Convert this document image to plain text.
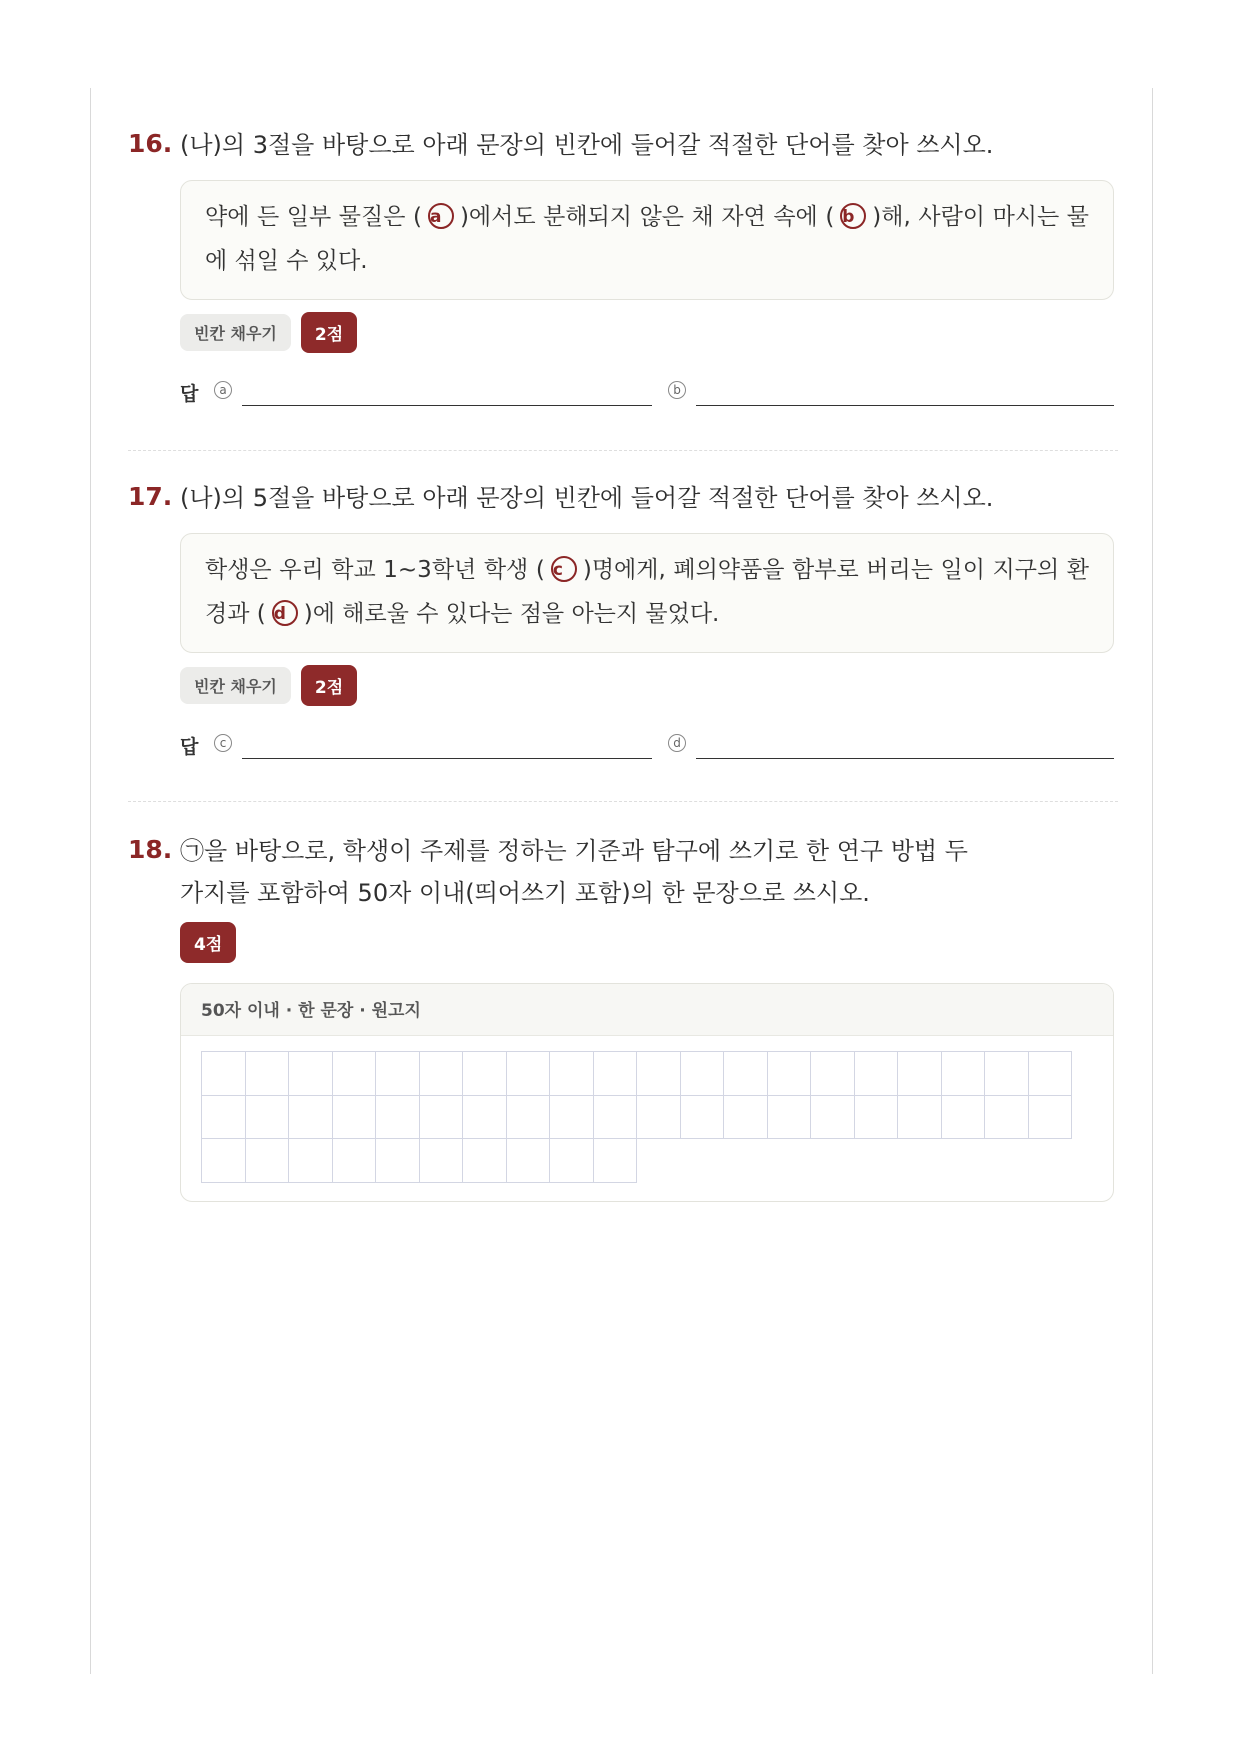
16. (나)의 3절을 바탕으로 아래 문장의 빈칸에 들어갈 적절한 단어를 찾아 쓰시오.
약에 든 일부 물질은 ( a )에서도 분해되지 않은 채 자연 속에 ( b )해, 사람이 마시는 물에 섞일 수 있다.
빈칸 채우기	2점
답	a	b
17. (나)의 5절을 바탕으로 아래 문장의 빈칸에 들어갈 적절한 단어를 찾아 쓰시오.
학생은 우리 학교 1~3학년 학생 ( c )명에게, 폐의약품을 함부로 버리는 일이 지구의 환경과 ( d )에 해로울 수 있다는 점을 아는지 물었다.
빈칸 채우기	2점
답	c	d
18. ㉠을 바탕으로, 학생이 주제를 정하는 기준과 탐구에 쓰기로 한 연구 방법 두
가지를 포함하여 50자 이내(띄어쓰기 포함)의 한 문장으로 쓰시오.
4점
50자 이내 · 한 문장 · 원고지
